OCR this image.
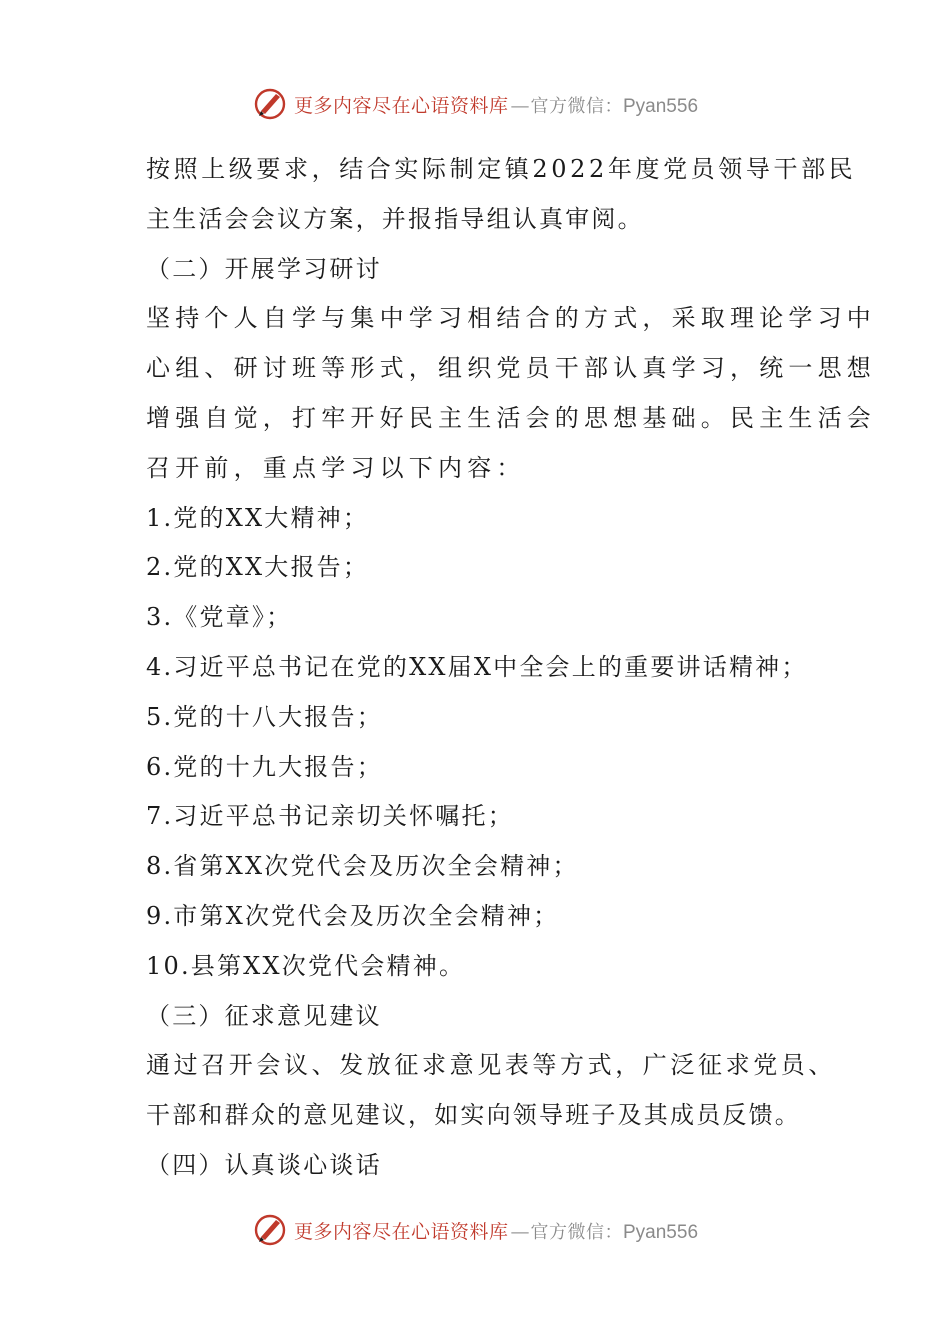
更多内容尽在心语资料库 — 官方微信：Pyan556
按照上级要求，结合实际制定镇2022年度党员领导干部民
主生活会会议方案，并报指导组认真审阅。
（二）开展学习研讨
坚持个人自学与集中学习相结合的方式，采取理论学习中
心组、研讨班等形式，组织党员干部认真学习，统一思想
增强自觉，打牢开好民主生活会的思想基础。民主生活会
召开前，重点学习以下内容：
1.党的XX大精神；
2.党的XX大报告；
3.《党章》；
4.习近平总书记在党的XX届X中全会上的重要讲话精神；
5.党的十八大报告；
6.党的十九大报告；
7.习近平总书记亲切关怀嘱托；
8.省第XX次党代会及历次全会精神；
9.市第X次党代会及历次全会精神；
10.县第XX次党代会精神。
（三）征求意见建议
通过召开会议、发放征求意见表等方式，广泛征求党员、
干部和群众的意见建议，如实向领导班子及其成员反馈。
（四）认真谈心谈话
更多内容尽在心语资料库 — 官方微信：Pyan556
